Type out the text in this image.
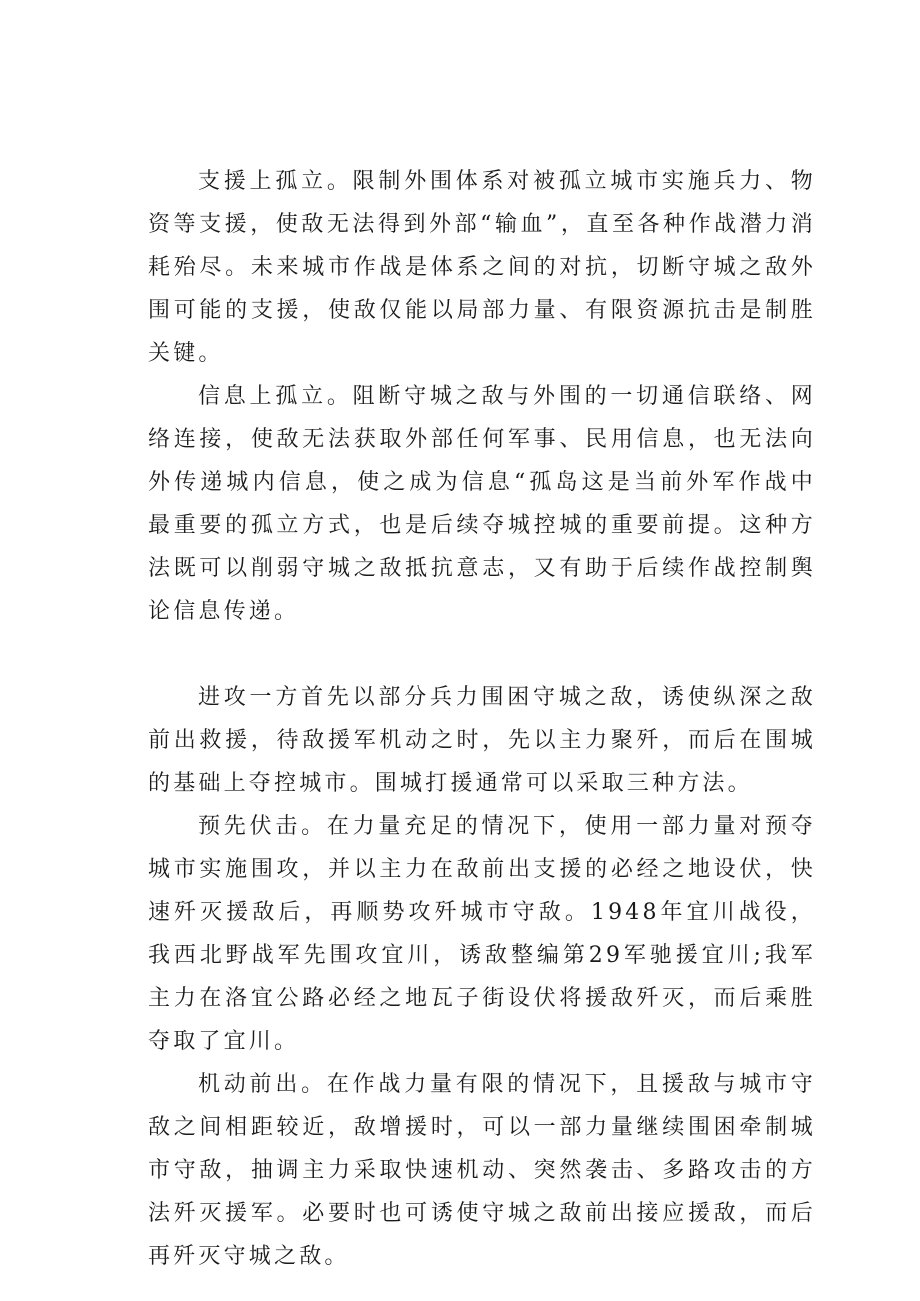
支援上孤立。限制外围体系对被孤立城市实施兵力、物资等支援，使敌无法得到外部“输血”，直至各种作战潜力消耗殆尽。未来城市作战是体系之间的对抗，切断守城之敌外围可能的支援，使敌仅能以局部力量、有限资源抗击是制胜关键。

信息上孤立。阻断守城之敌与外围的一切通信联络、网络连接，使敌无法获取外部任何军事、民用信息，也无法向外传递城内信息，使之成为信息“孤岛这是当前外军作战中最重要的孤立方式，也是后续夺城控城的重要前提。这种方法既可以削弱守城之敌抵抗意志，又有助于后续作战控制舆论信息传递。

进攻一方首先以部分兵力围困守城之敌，诱使纵深之敌前出救援，待敌援军机动之时，先以主力聚歼，而后在围城的基础上夺控城市。围城打援通常可以采取三种方法。

预先伏击。在力量充足的情况下，使用一部力量对预夺城市实施围攻，并以主力在敌前出支援的必经之地设伏，快速歼灭援敌后，再顺势攻歼城市守敌。1948年宜川战役，我西北野战军先围攻宜川，诱敌整编第29军驰援宜川;我军主力在洛宜公路必经之地瓦子街设伏将援敌歼灭，而后乘胜夺取了宜川。

机动前出。在作战力量有限的情况下，且援敌与城市守敌之间相距较近，敌增援时，可以一部力量继续围困牵制城市守敌，抽调主力采取快速机动、突然袭击、多路攻击的方法歼灭援军。必要时也可诱使守城之敌前出接应援敌，而后再歼灭守城之敌。
